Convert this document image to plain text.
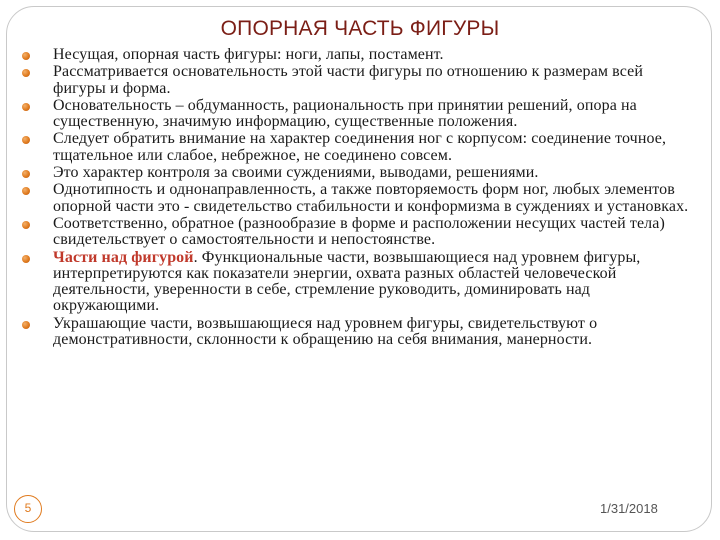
ОПОРНАЯ ЧАСТЬ ФИГУРЫ
Несущая, опорная часть фигуры: ноги, лапы, постамент.
Рассматривается основательность этой части фигуры по отношению к размерам всей фигуры и форма.
Основательность – обдуманность, рациональность при принятии решений, опора на существенную, значимую информацию, существенные положения.
Следует обратить внимание на характер соединения ног с корпусом: соединение точное, тщательное или слабое, небрежное, не соединено совсем.
Это характер контроля за своими суждениями, выводами, решениями.
Однотипность и однонаправленность, а также повторяемость форм ног, любых элементов опорной части это - свидетельство стабильности и конформизма в суждениях и установках.
Соответственно, обратное (разнообразие в форме и расположении несущих частей тела) свидетельствует о самостоятельности и непостоянстве.
Части над фигурой. Функциональные части, возвышающиеся над уровнем фигуры, интерпретируются как показатели энергии, охвата разных областей человеческой деятельности, уверенности в себе, стремление руководить, доминировать над окружающими.
Украшающие части, возвышающиеся над уровнем фигуры, свидетельствуют о демонстративности, склонности к обращению на себя внимания, манерности.
5	1/31/2018
